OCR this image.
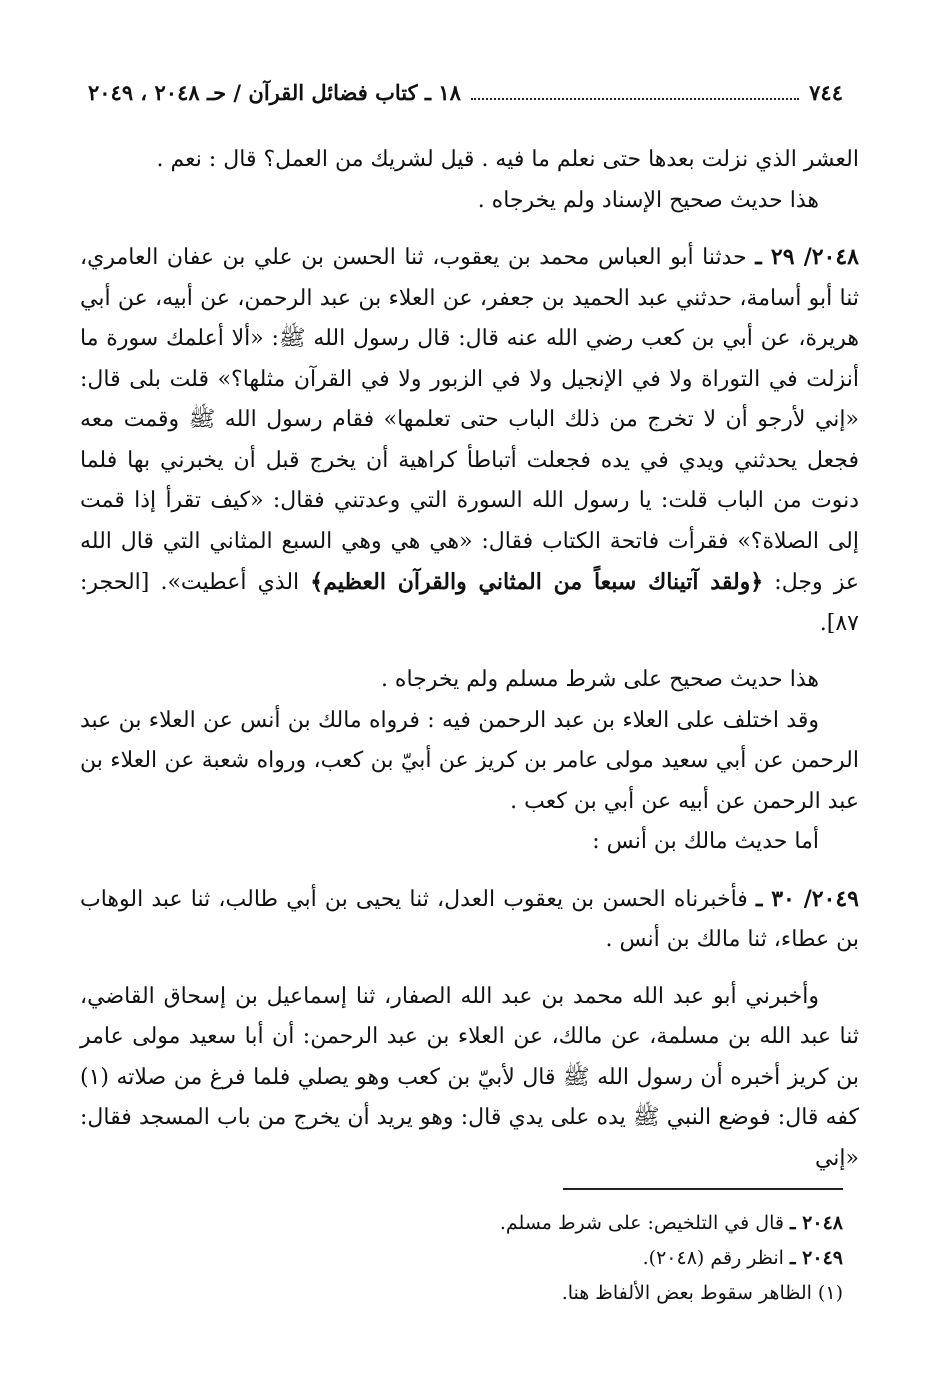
٧٤٤
١٨ ـ كتاب فضائل القرآن / حـ ٢٠٤٨ ، ٢٠٤٩

العشر الذي نزلت بعدها حتى نعلم ما فيه . قيل لشريك من العمل؟ قال : نعم .

هذا حديث صحيح الإسناد ولم يخرجاه .

٢٠٤٨/ ٢٩ ـ حدثنا أبو العباس محمد بن يعقوب، ثنا الحسن بن علي بن عفان العامري، ثنا أبو أسامة، حدثني عبد الحميد بن جعفر، عن العلاء بن عبد الرحمن، عن أبيه، عن أبي هريرة، عن أبي بن كعب رضي الله عنه قال: قال رسول الله ﷺ: «ألا أعلمك سورة ما أنزلت في التوراة ولا في الإنجيل ولا في الزبور ولا في القرآن مثلها؟» قلت بلى قال: «إني لأرجو أن لا تخرج من ذلك الباب حتى تعلمها» فقام رسول الله ﷺ وقمت معه فجعل يحدثني ويدي في يده فجعلت أتباطأ كراهية أن يخرج قبل أن يخبرني بها فلما دنوت من الباب قلت: يا رسول الله السورة التي وعدتني فقال: «كيف تقرأ إذا قمت إلى الصلاة؟» فقرأت فاتحة الكتاب فقال: «هي هي وهي السبع المثاني التي قال الله عز وجل: ﴿ولقد آتيناك سبعاً من المثاني والقرآن العظيم﴾ الذي أعطيت». [الحجر: ٨٧].

هذا حديث صحيح على شرط مسلم ولم يخرجاه .

وقد اختلف على العلاء بن عبد الرحمن فيه : فرواه مالك بن أنس عن العلاء بن عبد الرحمن عن أبي سعيد مولى عامر بن كريز عن أبيّ بن كعب، ورواه شعبة عن العلاء بن عبد الرحمن عن أبيه عن أبي بن كعب .

أما حديث مالك بن أنس :

٢٠٤٩/ ٣٠ ـ فأخبرناه الحسن بن يعقوب العدل، ثنا يحيى بن أبي طالب، ثنا عبد الوهاب بن عطاء، ثنا مالك بن أنس .

وأخبرني أبو عبد الله محمد بن عبد الله الصفار، ثنا إسماعيل بن إسحاق القاضي، ثنا عبد الله بن مسلمة، عن مالك، عن العلاء بن عبد الرحمن: أن أبا سعيد مولى عامر بن كريز أخبره أن رسول الله ﷺ قال لأبيّ بن كعب وهو يصلي فلما فرغ من صلاته (١) كفه قال: فوضع النبي ﷺ يده على يدي قال: وهو يريد أن يخرج من باب المسجد فقال: «إني

٢٠٤٨ ـ قال في التلخيص: على شرط مسلم.

٢٠٤٩ ـ انظر رقم (٢٠٤٨).

(١) الظاهر سقوط بعض الألفاظ هنا.
